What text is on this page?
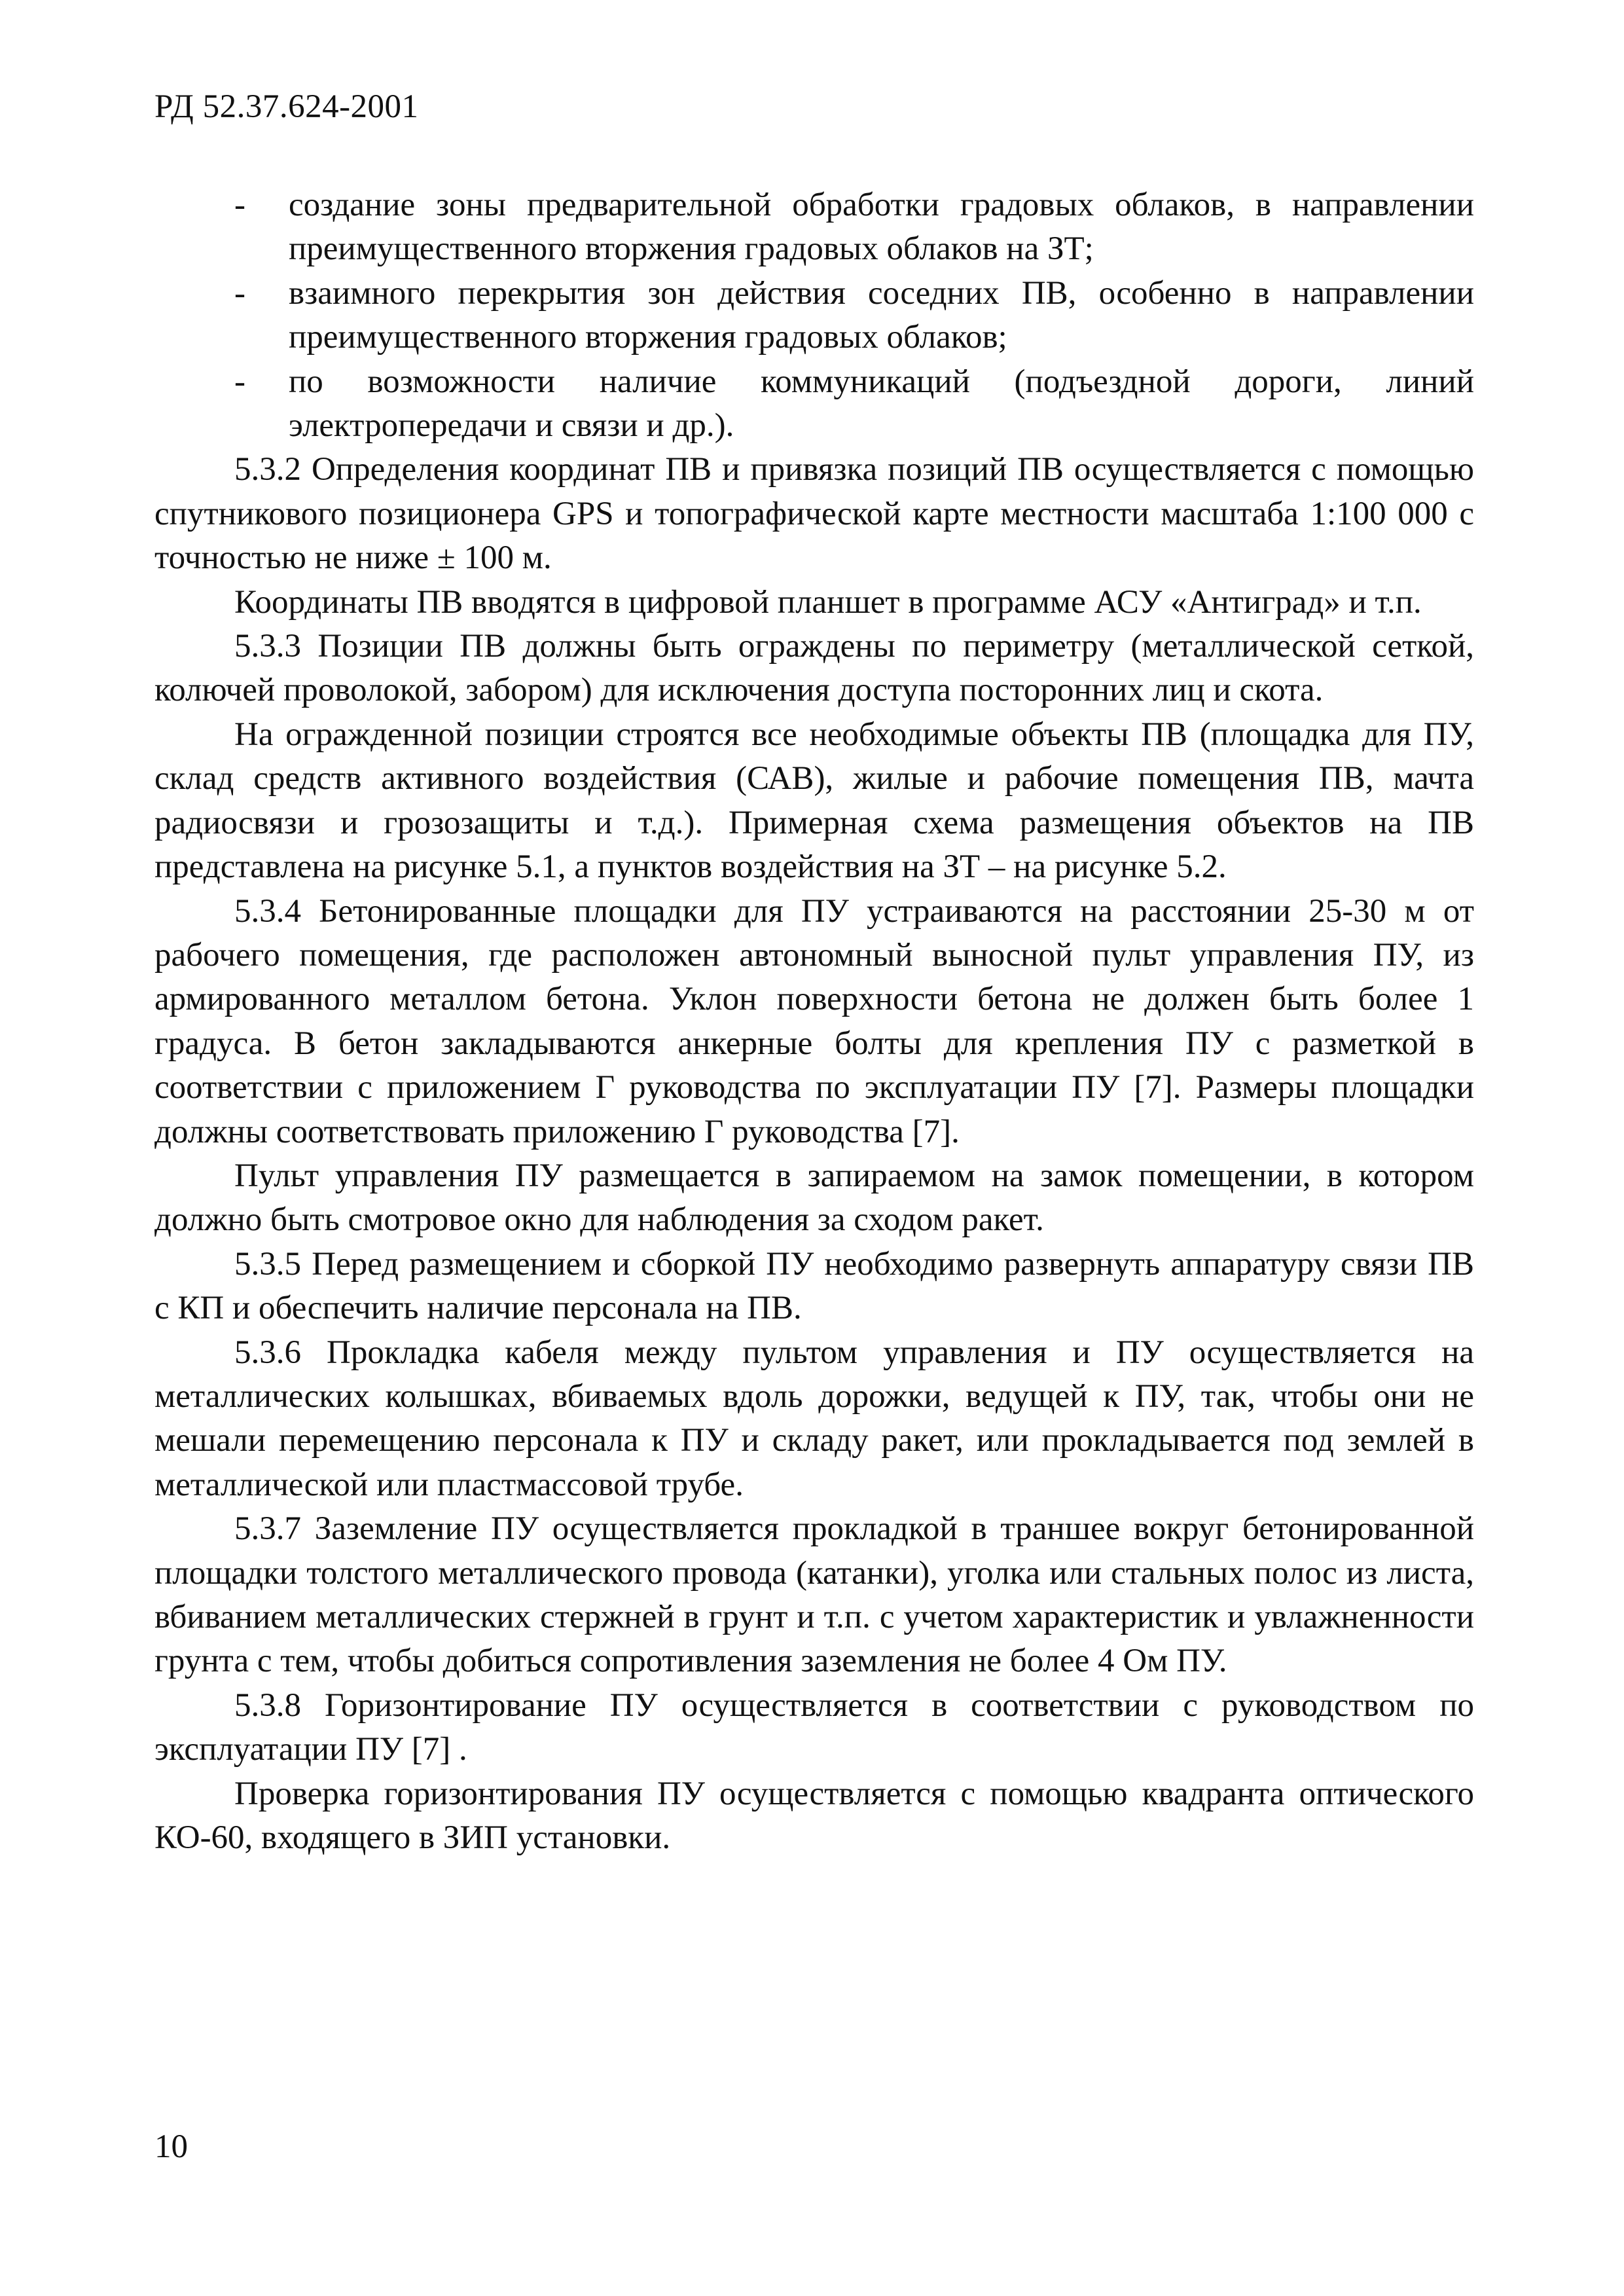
РД 52.37.624-2001
- создание зоны предварительной обработки градовых облаков, в направлении преимущественного вторжения градовых облаков на ЗТ;
- взаимного перекрытия зон действия соседних ПВ, особенно в направлении преимущественного вторжения градовых облаков;
- по возможности наличие коммуникаций (подъездной дороги, линий электропередачи и связи и др.).
5.3.2 Определения координат ПВ и привязка позиций ПВ осуществляется с помощью спутникового позиционера GPS и топографической карте местности масштаба 1:100 000 с точностью не ниже ± 100 м.
Координаты ПВ вводятся в цифровой планшет в программе АСУ «Антиград» и т.п.
5.3.3 Позиции ПВ должны быть ограждены по периметру (металлической сеткой, колючей проволокой, забором) для исключения доступа посторонних лиц и скота.
На огражденной позиции строятся все необходимые объекты ПВ (площадка для ПУ, склад средств активного воздействия (САВ), жилые и рабочие помещения ПВ, мачта радиосвязи и грозозащиты и т.д.). Примерная схема размещения объектов на ПВ представлена на рисунке 5.1, а пунктов воздействия на ЗТ – на рисунке 5.2.
5.3.4 Бетонированные площадки для ПУ устраиваются на расстоянии 25-30 м от рабочего помещения, где расположен автономный выносной пульт управления ПУ, из армированного металлом бетона. Уклон поверхности бетона не должен быть более 1 градуса. В бетон закладываются анкерные болты для крепления ПУ с разметкой в соответствии с приложением Г руководства по эксплуатации ПУ [7]. Размеры площадки должны соответствовать приложению Г руководства [7].
Пульт управления ПУ размещается в запираемом на замок помещении, в котором должно быть смотровое окно для наблюдения за сходом ракет.
5.3.5 Перед размещением и сборкой ПУ необходимо развернуть аппаратуру связи ПВ с КП и обеспечить наличие персонала на ПВ.
5.3.6 Прокладка кабеля между пультом управления и ПУ осуществляется на металлических колышках, вбиваемых вдоль дорожки, ведущей к ПУ, так, чтобы они не мешали перемещению персонала к ПУ и складу ракет, или прокладывается под землей в металлической или пластмассовой трубе.
5.3.7 Заземление ПУ осуществляется прокладкой в траншее вокруг бетонированной площадки толстого металлического провода (катанки), уголка или стальных полос из листа, вбиванием металлических стержней в грунт и т.п. с учетом характеристик и увлажненности грунта с тем, чтобы добиться сопротивления заземления не более 4 Ом ПУ.
5.3.8 Горизонтирование ПУ осуществляется в соответствии с руководством по эксплуатации ПУ [7] .
Проверка горизонтирования ПУ осуществляется с помощью квадранта оптического КО-60, входящего в ЗИП установки.
10
